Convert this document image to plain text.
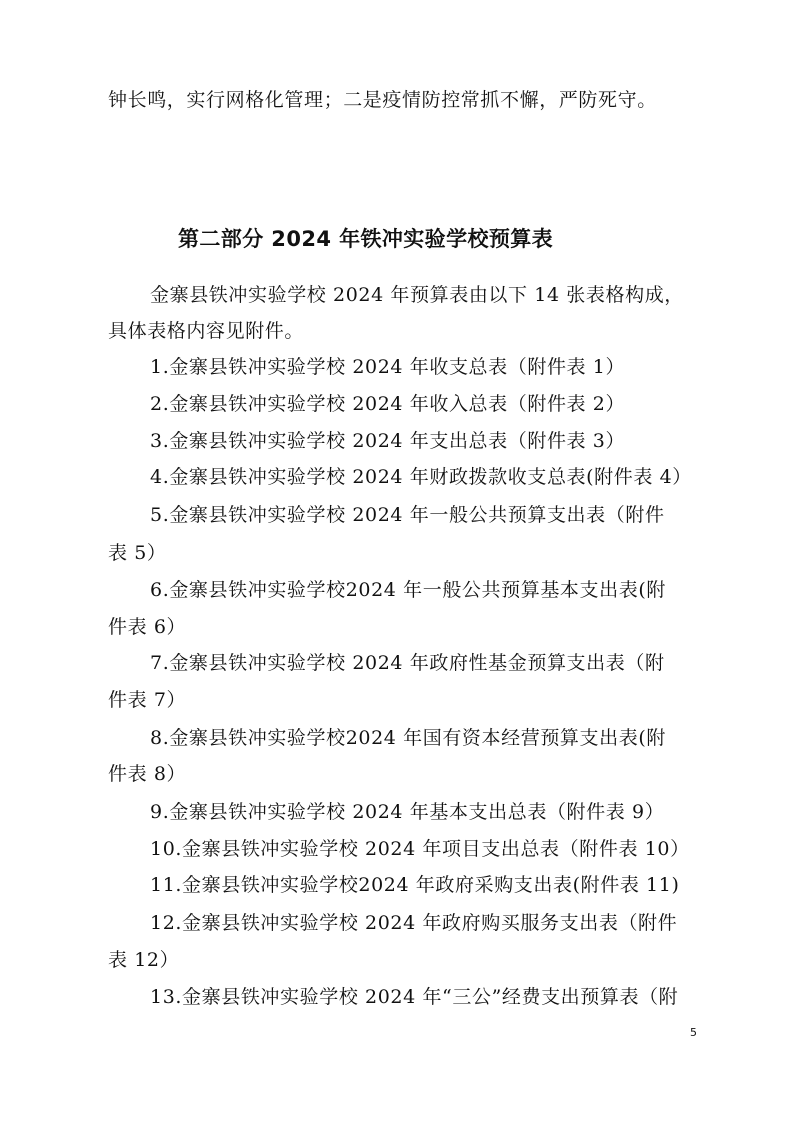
钟长鸣，实行网格化管理；二是疫情防控常抓不懈，严防死守。
第二部分 2024 年铁冲实验学校预算表
金寨县铁冲实验学校 2024 年预算表由以下 14 张表格构成，
具体表格内容见附件。
1.金寨县铁冲实验学校 2024 年收支总表（附件表 1）
2.金寨县铁冲实验学校 2024 年收入总表（附件表 2）
3.金寨县铁冲实验学校 2024 年支出总表（附件表 3）
4.金寨县铁冲实验学校 2024 年财政拨款收支总表(附件表 4）
5.金寨县铁冲实验学校 2024 年一般公共预算支出表（附件
表 5）
6.金寨县铁冲实验学校2024 年一般公共预算基本支出表(附
件表 6）
7.金寨县铁冲实验学校 2024 年政府性基金预算支出表（附
件表 7）
8.金寨县铁冲实验学校2024 年国有资本经营预算支出表(附
件表 8）
9.金寨县铁冲实验学校 2024 年基本支出总表（附件表 9）
10.金寨县铁冲实验学校 2024 年项目支出总表（附件表 10）
11.金寨县铁冲实验学校2024 年政府采购支出表(附件表 11)
12.金寨县铁冲实验学校 2024 年政府购买服务支出表（附件
表 12）
13.金寨县铁冲实验学校 2024 年“三公”经费支出预算表（附
5
